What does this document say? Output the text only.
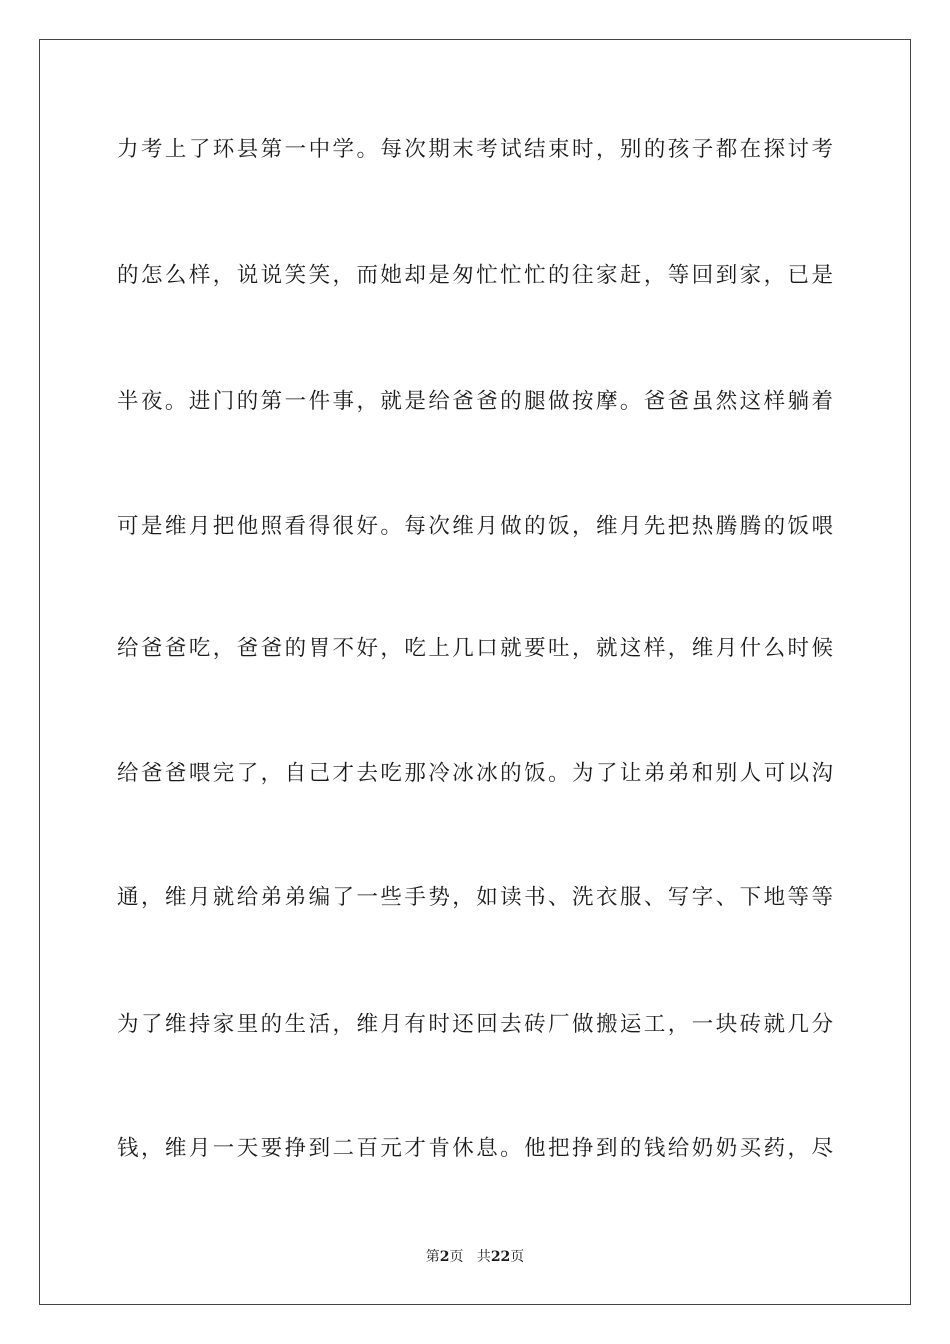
力考上了环县第一中学。每次期末考试结束时，别的孩子都在探讨考
的怎么样，说说笑笑，而她却是匆忙忙忙的往家赶，等回到家，已是
半夜。进门的第一件事，就是给爸爸的腿做按摩。爸爸虽然这样躺着
可是维月把他照看得很好。每次维月做的饭，维月先把热腾腾的饭喂
给爸爸吃，爸爸的胃不好，吃上几口就要吐，就这样，维月什么时候
给爸爸喂完了，自己才去吃那冷冰冰的饭。为了让弟弟和别人可以沟
通，维月就给弟弟编了一些手势，如读书、洗衣服、写字、下地等等
为了维持家里的生活，维月有时还回去砖厂做搬运工，一块砖就几分
钱，维月一天要挣到二百元才肯休息。他把挣到的钱给奶奶买药，尽
第2页 共22页
